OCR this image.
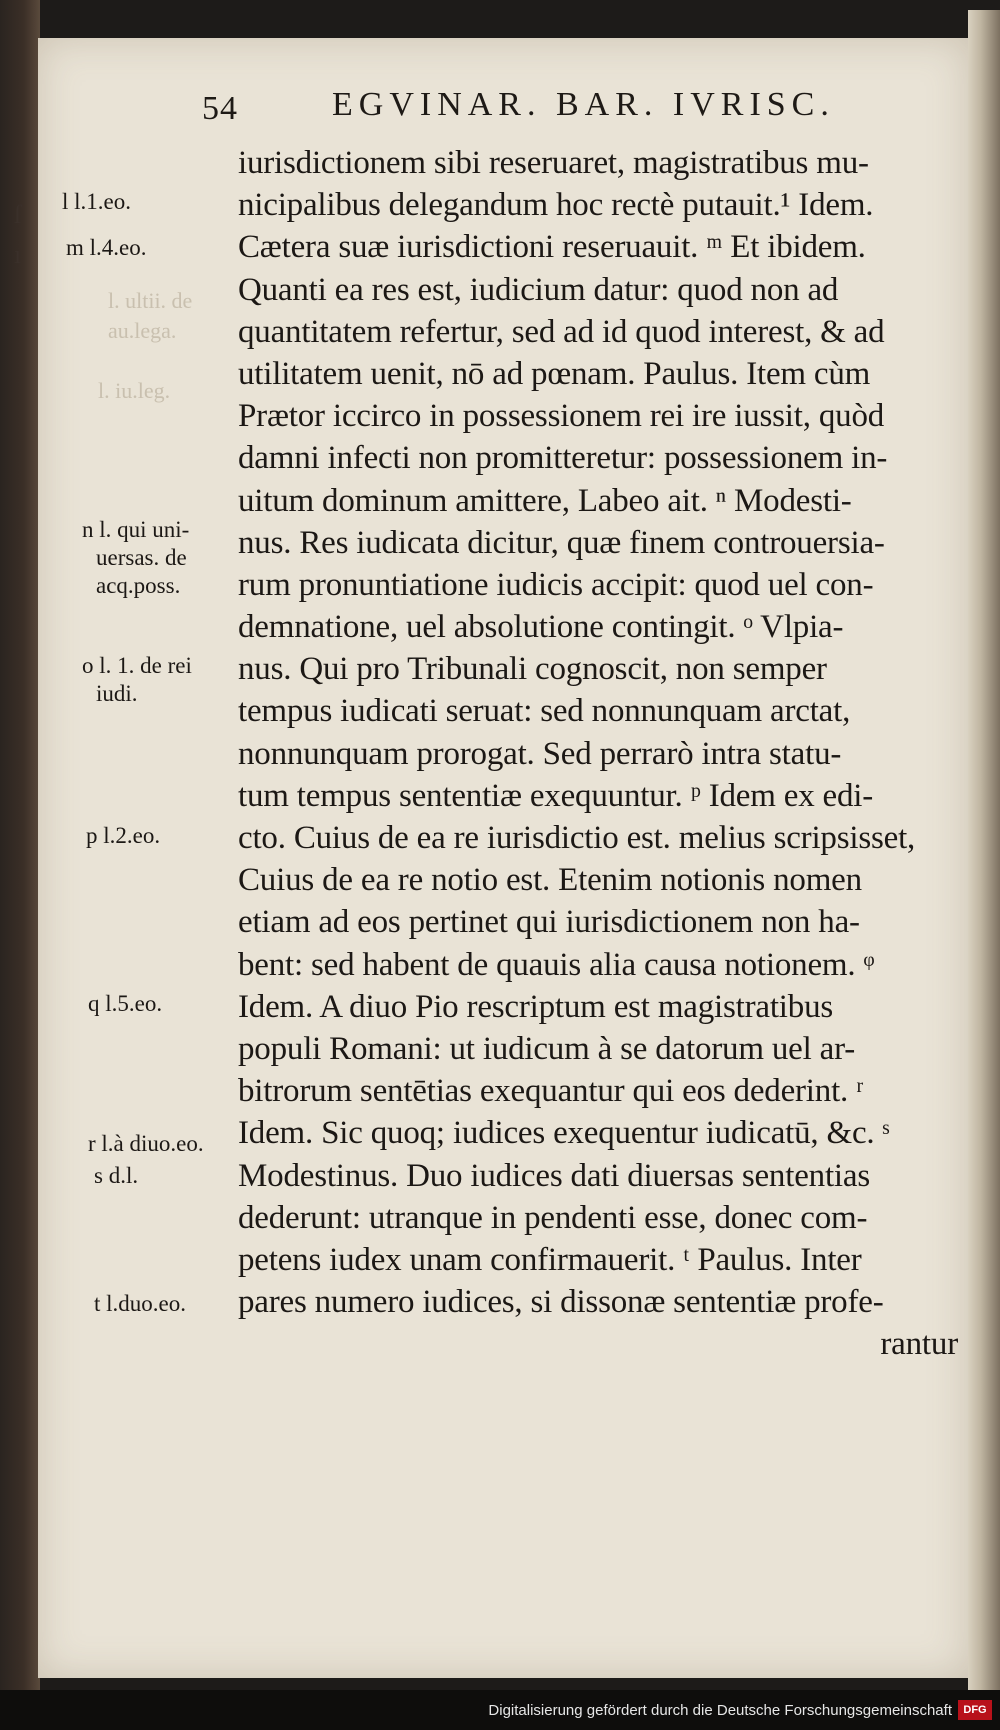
ſ
ı
l. ultii. de
au.lega.
l. iu.leg.
54	EGVINAR. BAR. IVRISC.
l l.1.eo.
m l.4.eo.
n l. qui uni-
uersas. de
acq.poss.
o l. 1. de rei
iudi.
p l.2.eo.
q l.5.eo.
r l.à diuo.eo.
s d.l.
t l.duo.eo.
iurisdictionem sibi reseruaret, magistratibus mu-
nicipalibus delegandum hoc rectè putauit.¹ Idem.
Cætera suæ iurisdictioni reseruauit. ᵐ Et ibidem.
Quanti ea res est, iudicium datur: quod non ad
quantitatem refertur, sed ad id quod interest, & ad
utilitatem uenit, nō ad pœnam. Paulus. Item cùm
Prætor iccirco in possessionem rei ire iussit, quòd
damni infecti non promitteretur: possessionem in-
uitum dominum amittere, Labeo ait. ⁿ Modesti-
nus. Res iudicata dicitur, quæ finem controuersia-
rum pronuntiatione iudicis accipit: quod uel con-
demnatione, uel absolutione contingit. ᵒ Vlpia-
nus. Qui pro Tribunali cognoscit, non semper
tempus iudicati seruat: sed nonnunquam arctat,
nonnunquam prorogat. Sed perrarò intra statu-
tum tempus sententiæ exequuntur. ᵖ Idem ex edi-
cto. Cuius de ea re iurisdictio est. melius scripsisset,
Cuius de ea re notio est. Etenim notionis nomen
etiam ad eos pertinet qui iurisdictionem non ha-
bent: sed habent de quauis alia causa notionem. ᵠ
Idem. A diuo Pio rescriptum est magistratibus
populi Romani: ut iudicum à se datorum uel ar-
bitrorum sentētias exequantur qui eos dederint. ʳ
Idem. Sic quoq; iudices exequentur iudicatū, &c. ˢ
Modestinus. Duo iudices dati diuersas sententias
dederunt: utranque in pendenti esse, donec com-
petens iudex unam confirmauerit. ᵗ Paulus. Inter
pares numero iudices, si dissonæ sententiæ profe-
rantur
Digitalisierung gefördert durch die Deutsche Forschungsgemeinschaft	DFG
